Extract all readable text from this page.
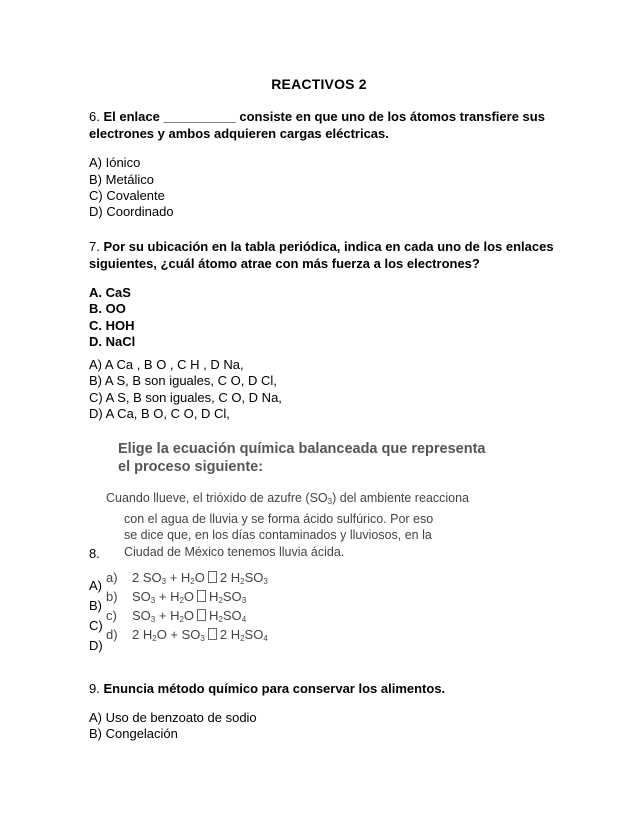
REACTIVOS 2
6. El enlace __________ consiste en que uno de los átomos transfiere sus
electrones y ambos adquieren cargas eléctricas.
A) Iónico
B) Metálico
C) Covalente
D) Coordinado
7. Por su ubicación en la tabla periódica, indica en cada uno de los enlaces
siguientes, ¿cuál átomo atrae con más fuerza a los electrones?
A. CaS
B. OO
C. HOH
D. NaCl
A) A Ca , B O , C H , D Na,
B) A S, B son iguales, C O, D Cl,
C) A S, B son iguales, C O, D Na,
D) A Ca, B O, C O, D Cl,
Elige la ecuación química balanceada que representa
el proceso siguiente:
Cuando llueve, el trióxido de azufre $(SO_3)$ del ambiente reacciona
con el agua de lluvia y se forma ácido sulfúrico. Por eso
se dice que, en los días contaminados y lluviosos, en la
Ciudad de México tenemos lluvia ácida.
a) 2 $SO_3 + H_2O$ 2 $H_2SO_3$
b) $SO_3 + H_2O$ $H_2SO_3$
c) $SO_3 + H_2O$ $H_2SO_4$
d) 2 $H_2O + SO_3$ 2 $H_2SO_4$
8.
A)
B)
C)
D)
9. Enuncia método químico para conservar los alimentos.
A) Uso de benzoato de sodio
B) Congelación
